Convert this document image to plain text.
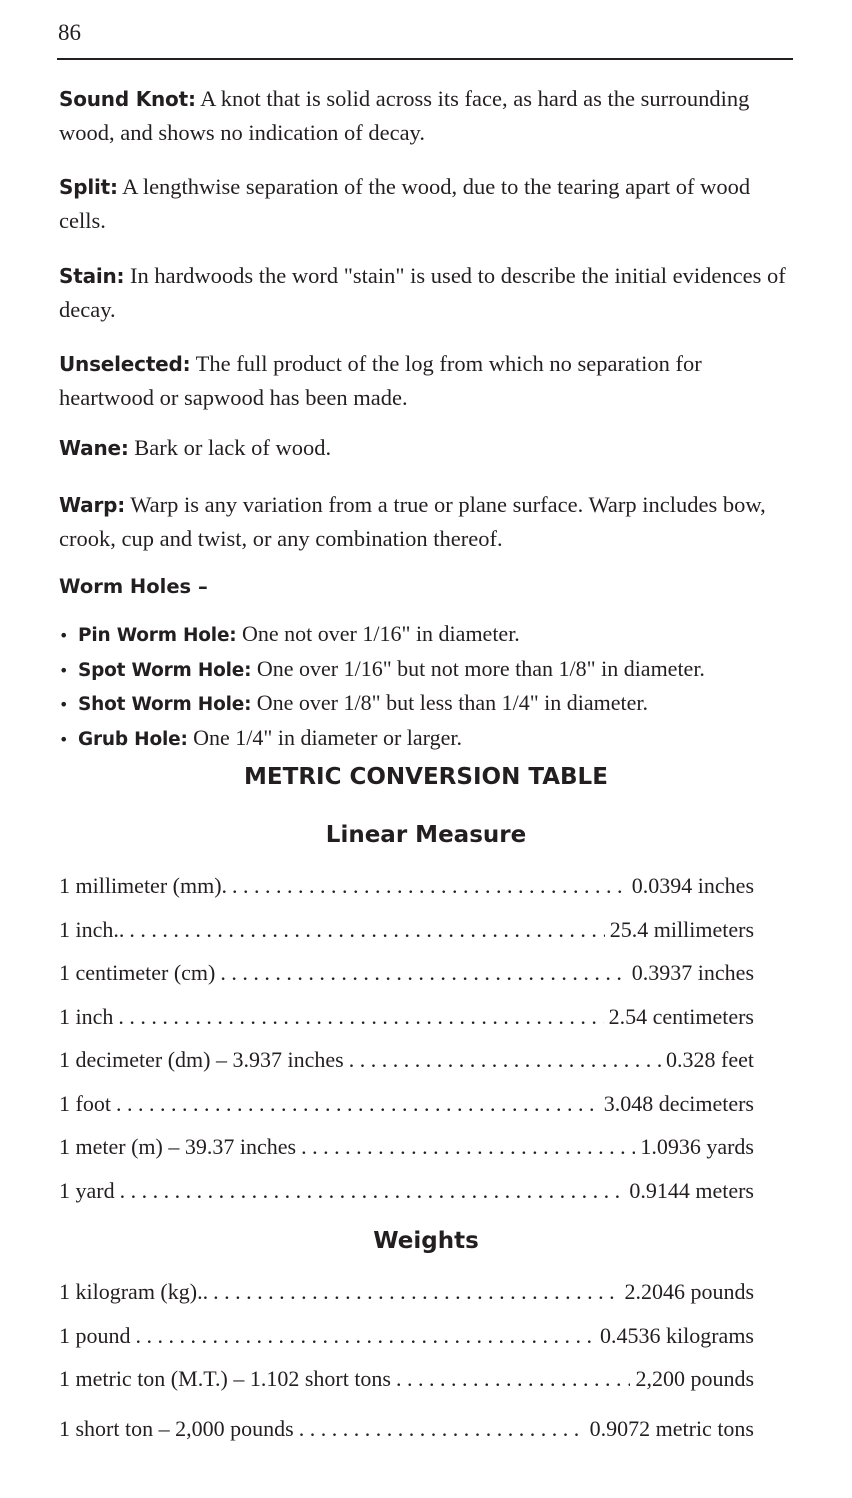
86

Sound Knot: A knot that is solid across its face, as hard as the surrounding wood, and shows no indication of decay.

Split: A lengthwise separation of the wood, due to the tearing apart of wood cells.

Stain: In hardwoods the word "stain" is used to describe the initial evidences of decay.

Unselected: The full product of the log from which no separation for heartwood or sapwood has been made.

Wane: Bark or lack of wood.

Warp: Warp is any variation from a true or plane surface. Warp includes bow, crook, cup and twist, or any combination thereof.

Worm Holes –
• Pin Worm Hole: One not over 1/16" in diameter.
• Spot Worm Hole: One over 1/16" but not more than 1/8" in diameter.
• Shot Worm Hole: One over 1/8" but less than 1/4" in diameter.
• Grub Hole: One 1/4" in diameter or larger.
METRIC CONVERSION TABLE
Linear Measure
1 millimeter (mm). . . .	0.0394 inches
1 inch.. . . .	25.4 millimeters
1 centimeter (cm) . . .	0.3937 inches
1 inch . . .	2.54 centimeters
1 decimeter (dm) – 3.937 inches . . .	0.328 feet
1 foot . . .	3.048 decimeters
1 meter (m) – 39.37 inches . . .	1.0936 yards
1 yard . . .	0.9144 meters
Weights
1 kilogram (kg).. . . .	2.2046 pounds
1 pound . . .	0.4536 kilograms
1 metric ton (M.T.) – 1.102 short tons . . .	2,200 pounds
1 short ton – 2,000 pounds . . .	0.9072 metric tons
